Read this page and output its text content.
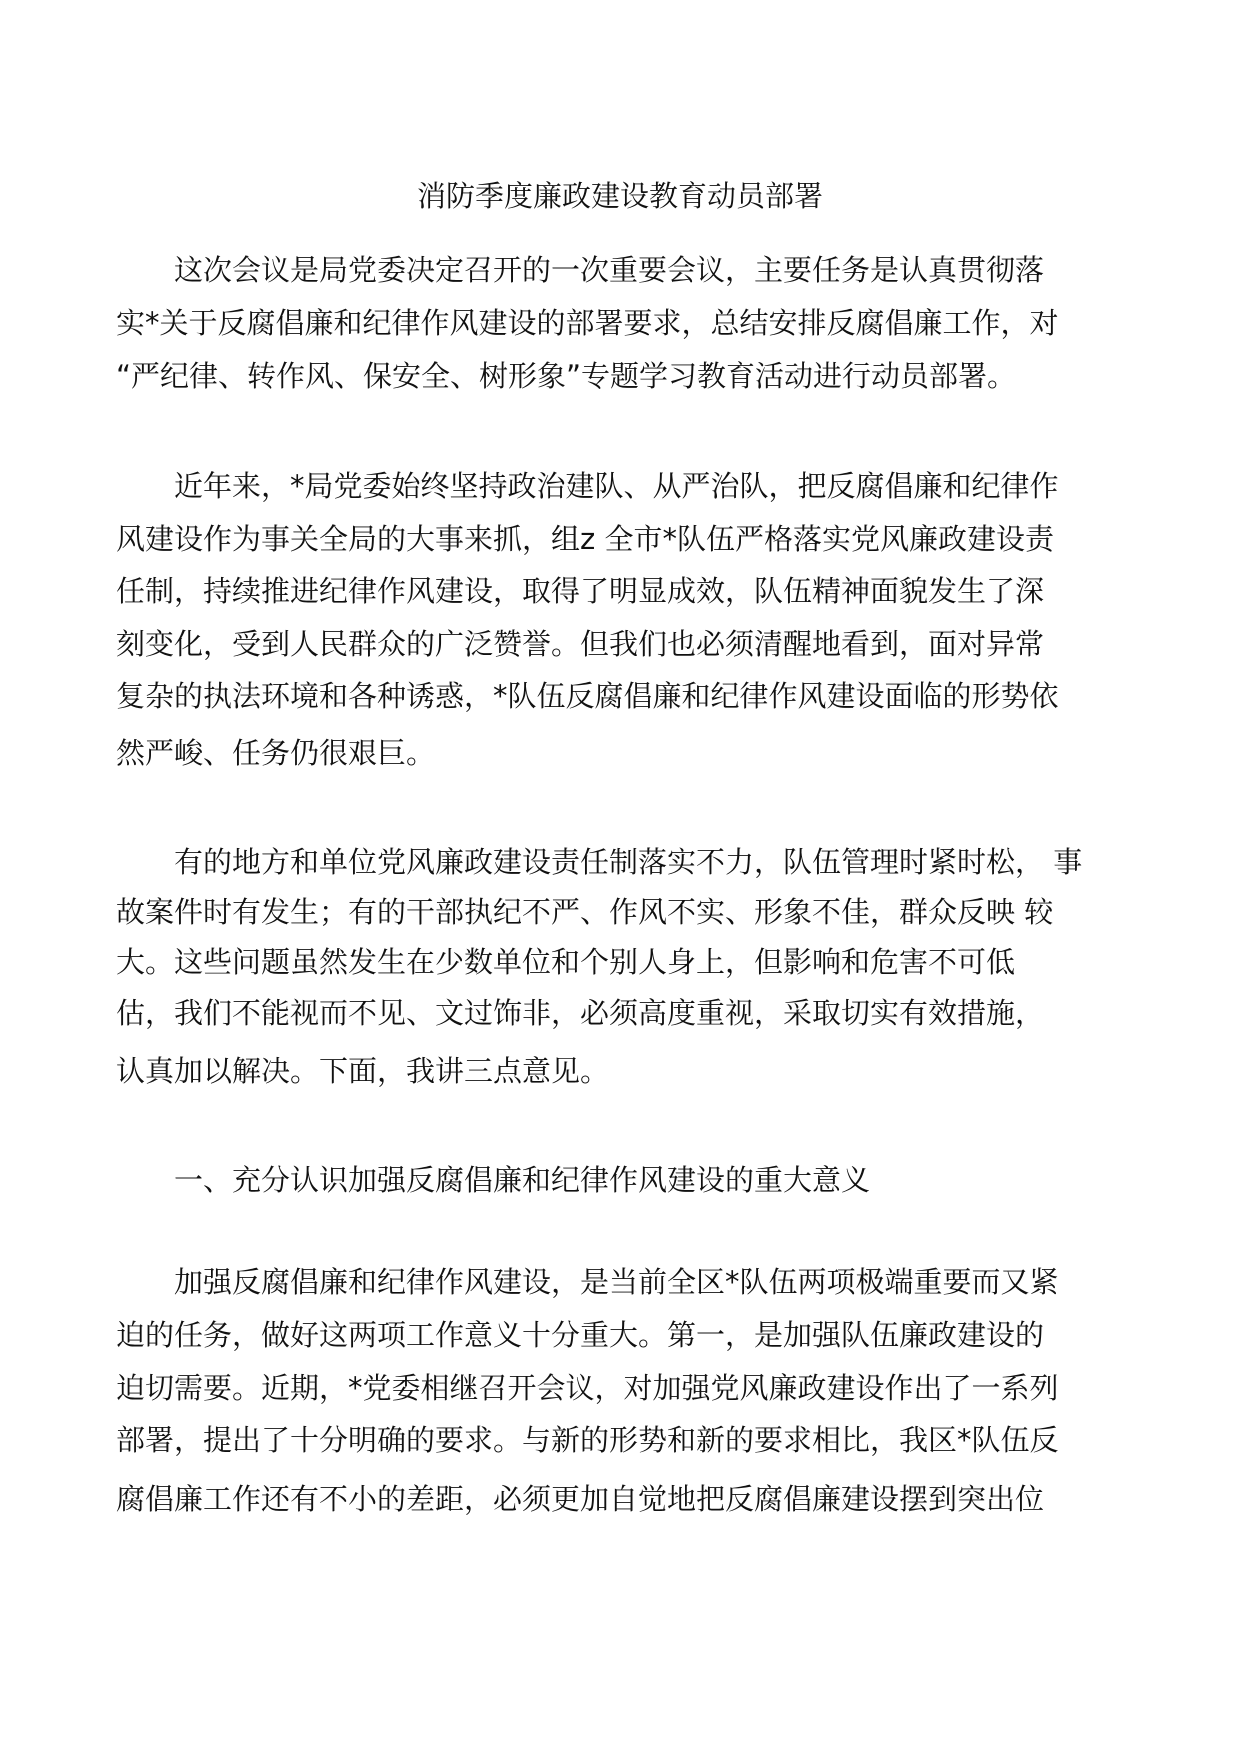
消防季度廉政建设教育动员部署
这次会议是局党委决定召开的一次重要会议，主要任务是认真贯彻落
实*关于反腐倡廉和纪律作风建设的部署要求，总结安排反腐倡廉工作，对
“严纪律、转作风、保安全、树形象”专题学习教育活动进行动员部署。
近年来，*局党委始终坚持政治建队、从严治队，把反腐倡廉和纪律作
风建设作为事关全局的大事来抓，组z 全市*队伍严格落实党风廉政建设责
任制，持续推进纪律作风建设，取得了明显成效，队伍精神面貌发生了深
刻变化，受到人民群众的广泛赞誉。但我们也必须清醒地看到，面对异常
复杂的执法环境和各种诱惑，*队伍反腐倡廉和纪律作风建设面临的形势依
然严峻、任务仍很艰巨。
有的地方和单位党风廉政建设责任制落实不力，队伍管理时紧时松， 事
故案件时有发生；有的干部执纪不严、作风不实、形象不佳，群众反映 较
大。这些问题虽然发生在少数单位和个别人身上，但影响和危害不可低
估，我们不能视而不见、文过饰非，必须高度重视，采取切实有效措施，
认真加以解决。下面，我讲三点意见。
一、充分认识加强反腐倡廉和纪律作风建设的重大意义
加强反腐倡廉和纪律作风建设，是当前全区*队伍两项极端重要而又紧
迫的任务，做好这两项工作意义十分重大。第一，是加强队伍廉政建设的
迫切需要。近期，*党委相继召开会议，对加强党风廉政建设作出了一系列
部署，提出了十分明确的要求。与新的形势和新的要求相比，我区*队伍反
腐倡廉工作还有不小的差距，必须更加自觉地把反腐倡廉建设摆到突出位
